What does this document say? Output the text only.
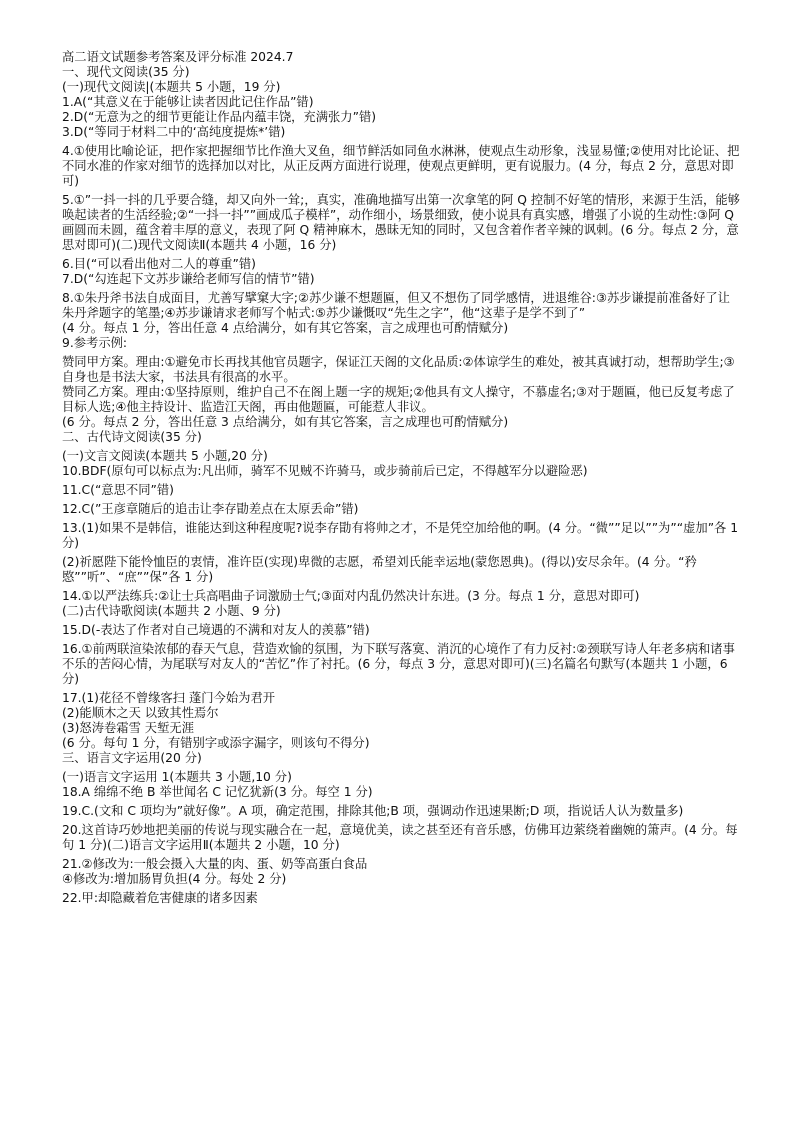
高二语文试题参考答案及评分标准 2024.7

一、现代文阅读(35 分)

(一)现代文阅读|(本题共 5 小题，19 分)

1.A(“其意义在于能够让读者因此记住作品”错)

2.D(“无意为之的细节更能让作品内蕴丰饶，充满张力”错)

3.D(“等同于材料二中的‘高纯度提炼*’错)

4.①使用比喻论证，把作家把握细节比作渔大叉鱼，细节鲜活如同鱼水淋淋，使观点生动形象，浅显易懂;②使用对比论证、把不同水准的作家对细节的选择加以对比，从正反两方面进行说理，使观点更鲜明，更有说服力。(4 分，每点 2 分，意思对即可)

5.①”一抖一抖的几乎要合缝，却又向外一耸;，真实，准确地描写出第一次拿笔的阿 Q 控制不好笔的情形，来源于生活，能够唤起读者的生活经验;②“一抖一抖””画成瓜子模样”，动作细小，场景细致，使小说具有真实感，增强了小说的生动性:③阿 Q 画圆而未圆，蕴含着丰厚的意义，表现了阿 Q 精神麻木，愚昧无知的同时，又包含着作者辛辣的讽刺。(6 分。每点 2 分，意思对即可)(二)现代文阅读Ⅱ(本题共 4 小题，16 分)

6.目(“可以看出他对二人的尊重”错)

7.D(“勾连起下文苏步谦给老师写信的情节”错)

8.①朱丹斧书法自成面目，尤善写擘窠大字;②苏少谦不想题匾，但又不想伤了同学感情，进退维谷:③苏步谦提前准备好了让朱丹斧题字的笔墨;④苏步谦请求老师写个帖式:⑤苏少谦慨叹“先生之字”，他“这辈子是学不到了”

(4 分。每点 1 分，答出任意 4 点给满分，如有其它答案，言之成理也可酌情赋分)

9.参考示例:

赞同甲方案。理由:①避免市长再找其他官员题字，保证江天阁的文化品质:②体谅学生的难处，被其真诚打动，想帮助学生;③自身也是书法大家，书法具有很高的水平。

赞同乙方案。理由:①坚持原则，维护自己不在阁上题一字的规矩;②他具有文人操守，不慕虚名;③对于题匾，他已反复考虑了目标人选;④他主持设计、监造江天阁，再由他题匾，可能惹人非议。

(6 分。每点 2 分，答出任意 3 点给满分，如有其它答案，言之成理也可酌情赋分)

二、古代诗文阅读(35 分)

(一)文言文阅读(本题共 5 小题,20 分)

10.BDF(原句可以标点为:凡出师，骑军不见贼不许骑马，或步骑前后已定，不得越军分以避险恶)

11.C(“意思不同”错)

12.C(”王彦章随后的追击让李存勖差点在太原丢命”错)

13.(1)如果不是韩信，谁能达到这种程度呢?说李存勖有将帅之才，不是凭空加给他的啊。(4 分。“微””足以””为”“虚加”各 1 分)

(2)祈愿陛下能怜恤臣的衷情，准许臣(实现)卑微的志愿，希望刘氏能幸运地(蒙您恩典)。(得以)安尽余年。(4 分。“矜愍””听”、“庶””保”各 1 分)

14.①以严法练兵:②让士兵高唱曲子词激励士气;③面对内乱仍然决计东进。(3 分。每点 1 分，意思对即可)

(二)古代诗歌阅读(本题共 2 小题、9 分)

15.D(-表达了作者对自己境遇的不满和对友人的羡慕”错)

16.①前两联渲染浓郁的春天气息，营造欢愉的氛围，为下联写落寞、消沉的心境作了有力反衬:②颈联写诗人年老多病和诸事不乐的苦闷心情，为尾联写对友人的“苦忆”作了衬托。(6 分，每点 3 分，意思对即可)(三)名篇名句默写(本题共 1 小题，6 分)

17.(1)花径不曾缘客扫 蓬门今始为君开

(2)能顺木之天 以致其性焉尔

(3)怒涛卷霜雪 天堑无涯

(6 分。每句 1 分，有错别字或添字漏字，则该句不得分)

三、语言文字运用(20 分)

(一)语言文字运用 1(本题共 3 小题,10 分)

18.A 绵绵不绝 B 举世闻名 C 记忆犹新(3 分。每空 1 分)

19.C.(文和 C 项均为”就好像”。A 项，确定范围，排除其他;B 项，强调动作迅速果断;D 项，指说话人认为数量多)

20.这首诗巧妙地把美丽的传说与现实融合在一起，意境优美，读之甚至还有音乐感，仿佛耳边萦绕着幽婉的箫声。(4 分。每句 1 分)(二)语言文字运用Ⅱ(本题共 2 小题，10 分)

21.②修改为:一般会摄入大量的肉、蛋、奶等高蛋白食品

④修改为:增加肠胃负担(4 分。每处 2 分)

22.甲:却隐藏着危害健康的诸多因素
